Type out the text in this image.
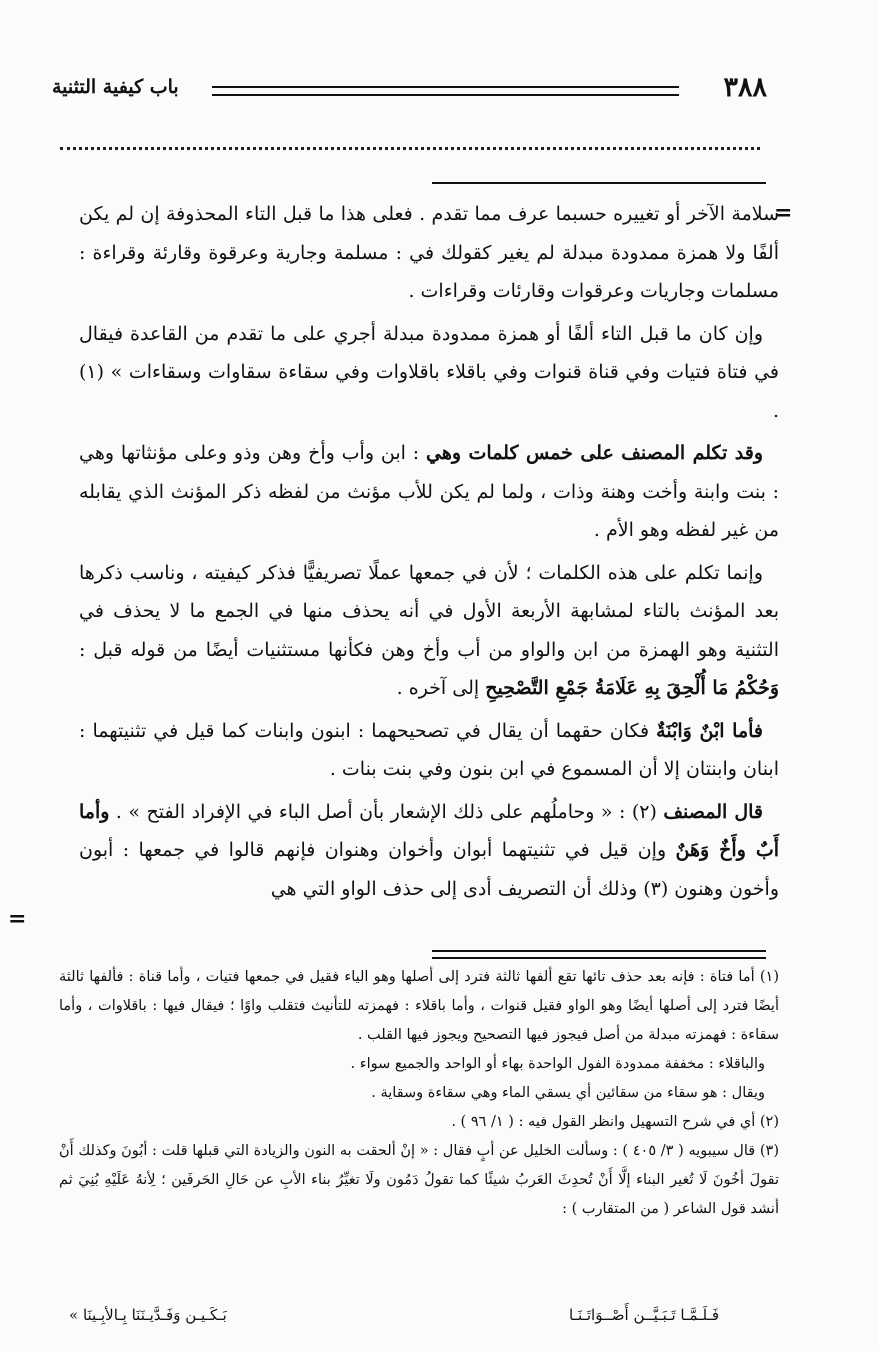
٣٨٨
باب كيفية التثنية
=

سلامة الآخر أو تغييره حسبما عرف مما تقدم . فعلى هذا ما قبل التاء المحذوفة إن لم يكن ألفًا ولا همزة ممدودة مبدلة لم يغير كقولك في : مسلمة وجارية وعرقوة وقارئة وقراءة : مسلمات وجاريات وعرقوات وقارئات وقراءات .

وإن كان ما قبل التاء ألفًا أو همزة ممدودة مبدلة أجري على ما تقدم من القاعدة فيقال في فتاة فتيات وفي قناة قنوات وفي باقلاء باقلاوات وفي سقاءة سقاوات وسقاءات » (١) .

وقد تكلم المصنف على خمس كلمات وهي : ابن وأب وأخ وهن وذو وعلى مؤنثاتها وهي : بنت وابنة وأخت وهنة وذات ، ولما لم يكن للأب مؤنث من لفظه ذكر المؤنث الذي يقابله من غير لفظه وهو الأم .

وإنما تكلم على هذه الكلمات ؛ لأن في جمعها عملًا تصريفيًّا فذكر كيفيته ، وناسب ذكرها بعد المؤنث بالتاء لمشابهة الأربعة الأول في أنه يحذف منها في الجمع ما لا يحذف في التثنية وهو الهمزة من ابن والواو من أب وأخ وهن فكأنها مستثنيات أيضًا من قوله قبل : وَحُكْمُ مَا أُلْحِقَ بِهِ عَلَامَةُ جَمْعِ التَّصْحِيحِ إلى آخره .

فأما ابْنٌ وَابْنَةٌ فكان حقهما أن يقال في تصحيحهما : ابنون وابنات كما قيل في تثنيتهما : ابنان وابنتان إلا أن المسموع في ابن بنون وفي بنت بنات .

قال المصنف (٢) : « وحاملُهم على ذلك الإشعار بأن أصل الباء في الإفراد الفتح » . وأما أَبٌ وأَخٌ وَهَنٌ وإن قيل في تثنيتهما أبوان وأخوان وهنوان فإنهم قالوا في جمعها : أبون وأخون وهنون (٣) وذلك أن التصريف أدى إلى حذف الواو التي هي

=

(١) أما فتاة : فإنه بعد حذف تائها تقع ألفها ثالثة فترد إلى أصلها وهو الياء فقيل في جمعها فتيات ، وأما قناة : فألفها ثالثة أيضًا فترد إلى أصلها أيضًا وهو الواو فقيل قنوات ، وأما باقلاء : فهمزته للتأنيث فتقلب واوًا ؛ فيقال فيها : باقلاوات ، وأما سقاءة : فهمزته مبدلة من أصل فيجوز فيها التصحيح ويجوز فيها القلب .

والباقلاء : مخففة ممدودة الفول الواحدة بهاء أو الواحد والجميع سواء .

ويقال : هو سقاء من سقائين أي يسقي الماء وهي سقاءة وسقاية .

(٢) أي في شرح التسهيل وانظر القول فيه : ( ١/ ٩٦ ) .

(٣) قال سيبويه ( ٣/ ٤٠٥ ) : وسألت الخليل عن أبٍ فقال : « إنْ ألحقت به النون والزيادة التي قبلها قلت : أبُونَ وكذلك أَنْ تقولَ أخُونَ لَا تُغير البناء إلَّا أَنْ تُحدِثَ العَربُ شيئًا كما تقولُ دَمُون ولَا تغيِّرُ بناء الأبِ عن حَالِ الحَرفَين ؛ لِأنهُ عَلَيْهِ بُنِيَ ثم أنشد قول الشاعر ( من المتقارب ) :

فَـلَـمَّـا تَـبَـيَّــن أَصْــوَاتَـنَـا
بَـكَـيـن وَفَـدَّيـنَنَا بِـالأبِـينَا »
